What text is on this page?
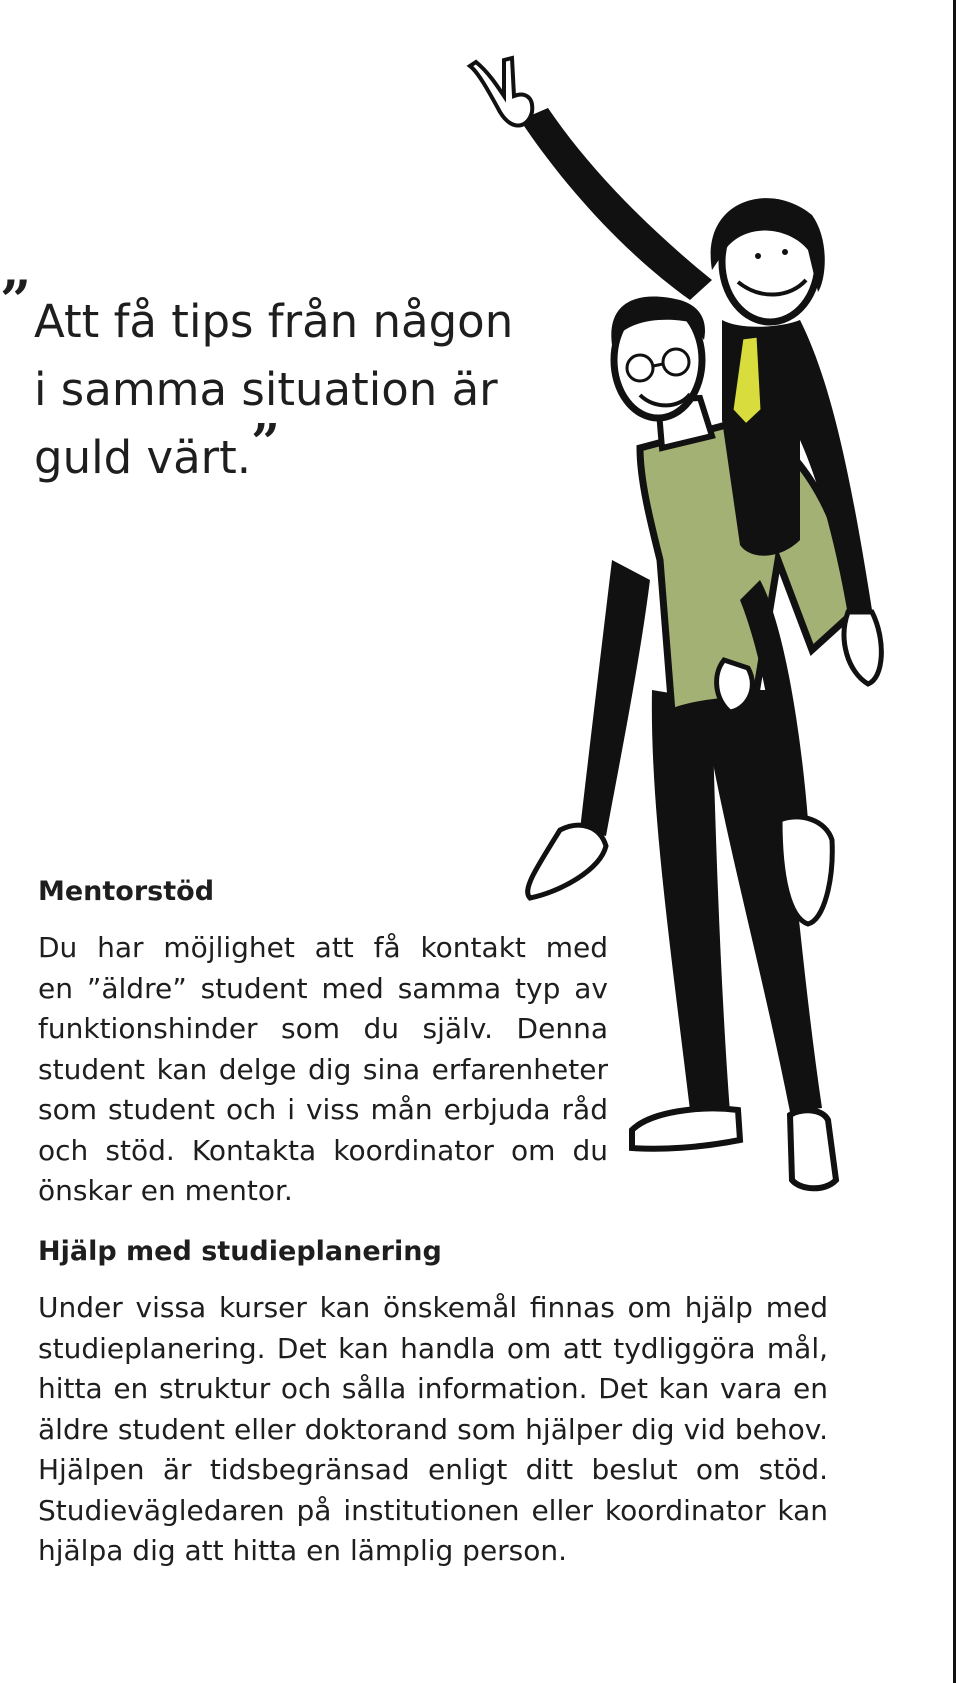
” Att få tips från någon
i samma situation är
guld värt.”
Mentorstöd
Du har möjlighet att få kontakt med
en ”äldre” student med samma typ av
funktionshinder som du själv. Denna
student kan delge dig sina erfarenheter
som student och i viss mån erbjuda råd
och stöd. Kontakta koordinator om du
önskar en mentor.
Hjälp med studieplanering
Under vissa kurser kan önskemål finnas om hjälp med
studieplanering. Det kan handla om att tydliggöra mål,
hitta en struktur och sålla information. Det kan vara en
äldre student eller doktorand som hjälper dig vid behov.
Hjälpen är tidsbegränsad enligt ditt beslut om stöd.
Studievägledaren på institutionen eller koordinator kan
hjälpa dig att hitta en lämplig person.
